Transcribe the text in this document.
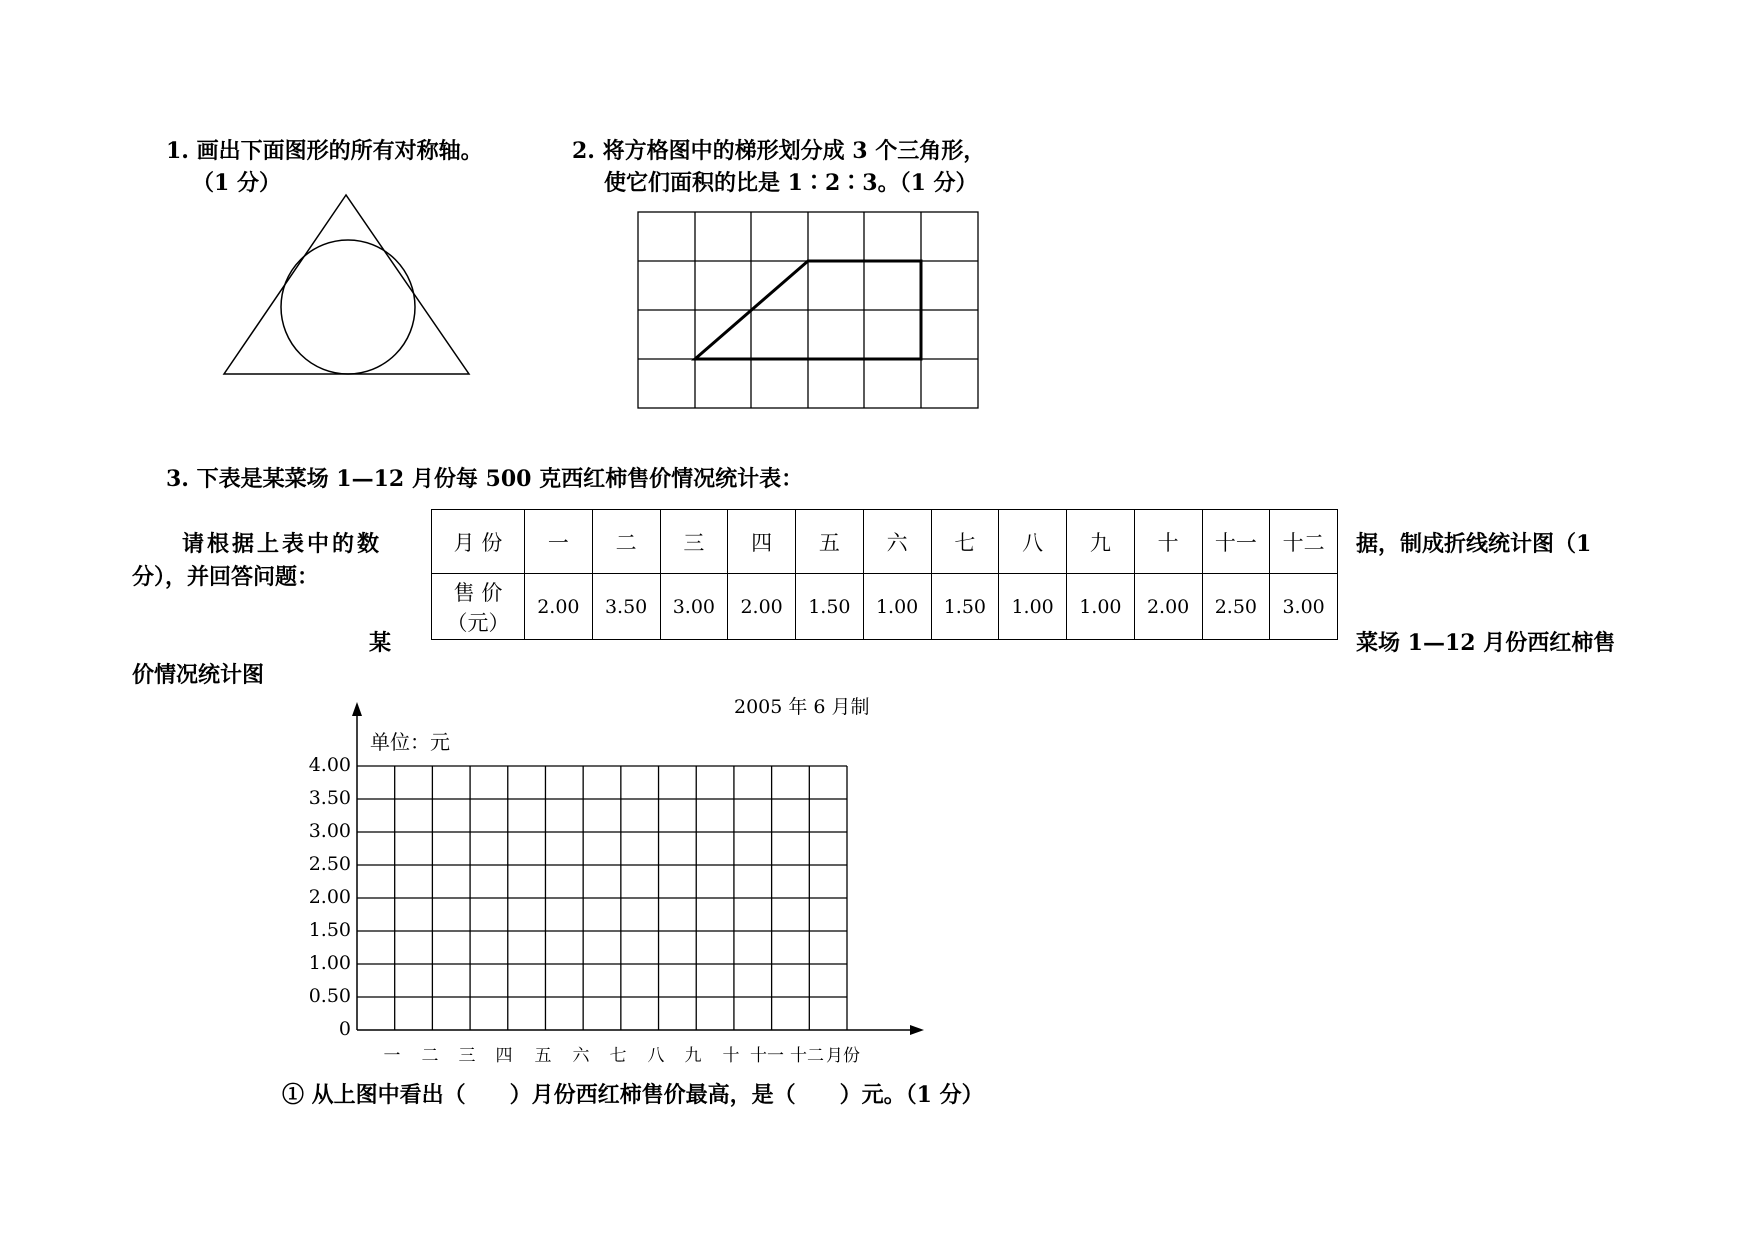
1. 画出下面图形的所有对称轴。
（1 分）
2. 将方格图中的梯形划分成 3 个三角形，
使它们面积的比是 1∶2∶3。（1 分）
3. 下表是某菜场 1—12 月份每 500 克西红柿售价情况统计表：
请根据上表中的数
分），并回答问题：
据，制成折线统计图（1
某	菜场 1—12 月份西红柿售
价情况统计图
月 份	一	二	三	四	五	六	七	八	九	十	十一	十二

售 价
（元）	2.00	3.50	3.00	2.00	1.50	1.00	1.50	1.00	1.00	2.00	2.50	3.00
2005 年 6 月制
单位：元
4.00
3.50
3.00
2.50
2.00
1.50
1.00
0.50
0
一	二	三	四	五	六	七	八	九	十 十一 十二 月份
① 从上图中看出（　　）月份西红柿售价最高，是（　　）元。（1 分）
